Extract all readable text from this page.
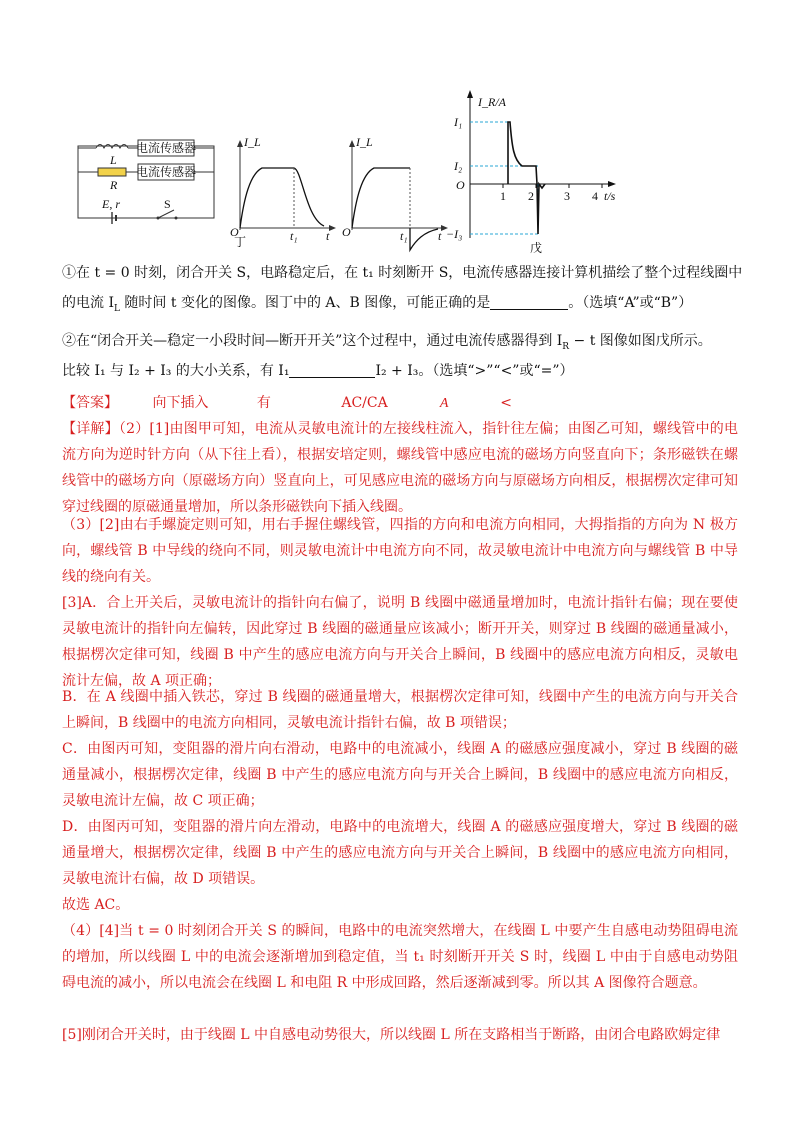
电流传感器
L
电流传感器
R
E, r	S
I_L
O	t₁ t
I_L
O	t₁	t
丁
1 2	3 4 t/s
I_R/A
I₁
I₂
O
−I₃
戊
①在 t = 0 时刻，闭合开关 S，电路稳定后，在 t₁ 时刻断开 S，电流传感器连接计算机描绘了整个过程线圈中
的电流 $I_L$ 随时间 t 变化的图像。图丁中的 A、B 图像，可能正确的是	。（选填“A”或“B”）
②在“闭合开关—稳定一小段时间—断开开关”这个过程中，通过电流传感器得到 $I_R - t$ 图像如图戊所示。
比较 I₁ 与 I₂ + I₃ 的大小关系，有 I₁	I₂ + I₃。（选填“>”“<”或“=”）
【答案】 向下插入	有	AC/CA	A	<
【详解】（2）[1]由图甲可知，电流从灵敏电流计的左接线柱流入，指针往左偏；由图乙可知，螺线管中的电流方向为逆时针方向（从下往上看），根据安培定则，螺线管中感应电流的磁场方向竖直向下；条形磁铁在螺线管中的磁场方向（原磁场方向）竖直向上，可见感应电流的磁场方向与原磁场方向相反，根据楞次定律可知穿过线圈的原磁通量增加，所以条形磁铁向下插入线圈。
（3）[2]由右手螺旋定则可知，用右手握住螺线管，四指的方向和电流方向相同，大拇指指的方向为 N 极方向，螺线管 B 中导线的绕向不同，则灵敏电流计中电流方向不同，故灵敏电流计中电流方向与螺线管 B 中导线的绕向有关。
[3]A．合上开关后，灵敏电流计的指针向右偏了，说明 B 线圈中磁通量增加时，电流计指针右偏；现在要使灵敏电流计的指针向左偏转，因此穿过 B 线圈的磁通量应该减小；断开开关，则穿过 B 线圈的磁通量减小，根据楞次定律可知，线圈 B 中产生的感应电流方向与开关合上瞬间，B 线圈中的感应电流方向相反，灵敏电流计左偏，故 A 项正确；
B．在 A 线圈中插入铁芯，穿过 B 线圈的磁通量增大，根据楞次定律可知，线圈中产生的电流方向与开关合上瞬间，B 线圈中的电流方向相同，灵敏电流计指针右偏，故 B 项错误；
C．由图丙可知，变阻器的滑片向右滑动，电路中的电流减小，线圈 A 的磁感应强度减小，穿过 B 线圈的磁通量减小，根据楞次定律，线圈 B 中产生的感应电流方向与开关合上瞬间，B 线圈中的感应电流方向相反，灵敏电流计左偏，故 C 项正确；
D．由图丙可知，变阻器的滑片向左滑动，电路中的电流增大，线圈 A 的磁感应强度增大，穿过 B 线圈的磁通量增大，根据楞次定律，线圈 B 中产生的感应电流方向与开关合上瞬间，B 线圈中的感应电流方向相同，灵敏电流计右偏，故 D 项错误。
故选 AC。
（4）[4]当 t = 0 时刻闭合开关 S 的瞬间，电路中的电流突然增大，在线圈 L 中要产生自感电动势阻碍电流的增加，所以线圈 L 中的电流会逐渐增加到稳定值，当 t₁ 时刻断开开关 S 时，线圈 L 中由于自感电动势阻碍电流的减小，所以电流会在线圈 L 和电阻 R 中形成回路，然后逐渐减到零。所以其 A 图像符合题意。
[5]刚闭合开关时，由于线圈 L 中自感电动势很大，所以线圈 L 所在支路相当于断路，由闭合电路欧姆定律
